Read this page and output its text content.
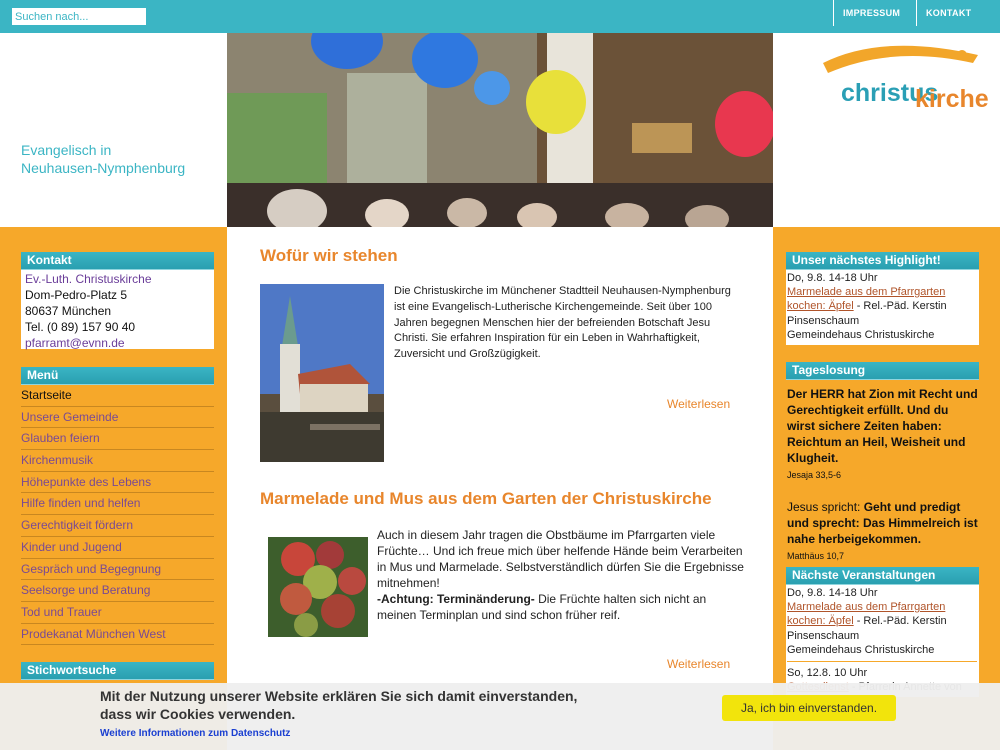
Suchen nach...
IMPRESSUM	KONTAKT
Evangelisch in
Neuhausen-Nymphenburg
christus
kirche
Kontakt
Ev.-Luth. Christuskirche
Dom-Pedro-Platz 5
80637 München
Tel. (0 89) 157 90 40
pfarramt@evnn.de
Menü
Startseite
Unsere Gemeinde
Glauben feiern
Kirchenmusik
Höhepunkte des Lebens
Hilfe finden und helfen
Gerechtigkeit fördern
Kinder und Jugend
Gespräch und Begegnung
Seelsorge und Beratung
Tod und Trauer
Prodekanat München West
Stichwortsuche
Wofür wir stehen
Die Christuskirche im Münchener Stadtteil Neuhausen-Nymphenburg ist eine Evangelisch-Lutherische Kirchengemeinde. Seit über 100 Jahren begegnen Menschen hier der befreienden Botschaft Jesu Christi. Sie erfahren Inspiration für ein Leben in Wahrhaftigkeit, Zuversicht und Großzügigkeit.
Weiterlesen
Marmelade und Mus aus dem Garten der Christuskirche
Auch in diesem Jahr tragen die Obstbäume im Pfarrgarten viele Früchte… Und ich freue mich über helfende Hände beim Verarbeiten in Mus und Marmelade. Selbstverständlich dürfen Sie die Ergebnisse mitnehmen!
-Achtung: Terminänderung- Die Früchte halten sich nicht an meinen Terminplan und sind schon früher reif.
Weiterlesen
Unser nächstes Highlight!
Do, 9.8. 14-18 Uhr
Marmelade aus dem Pfarrgarten kochen: Äpfel - Rel.-Päd. Kerstin Pinsenschaum
Gemeindehaus Christuskirche
Tageslosung
Der HERR hat Zion mit Recht und Gerechtigkeit erfüllt. Und du wirst sichere Zeiten haben: Reichtum an Heil, Weisheit und Klugheit.
Jesaja 33,5-6
Jesus spricht: Geht und predigt und sprecht: Das Himmelreich ist nahe herbeigekommen.
Matthäus 10,7
Nächste Veranstaltungen
Do, 9.8. 14-18 Uhr
Marmelade aus dem Pfarrgarten kochen: Äpfel - Rel.-Päd. Kerstin Pinsenschaum
Gemeindehaus Christuskirche
So, 12.8. 10 Uhr
Mit der Nutzung unserer Website erklären Sie sich damit einverstanden, dass wir Cookies verwenden.
Weitere Informationen zum Datenschutz
Ja, ich bin einverstanden.
